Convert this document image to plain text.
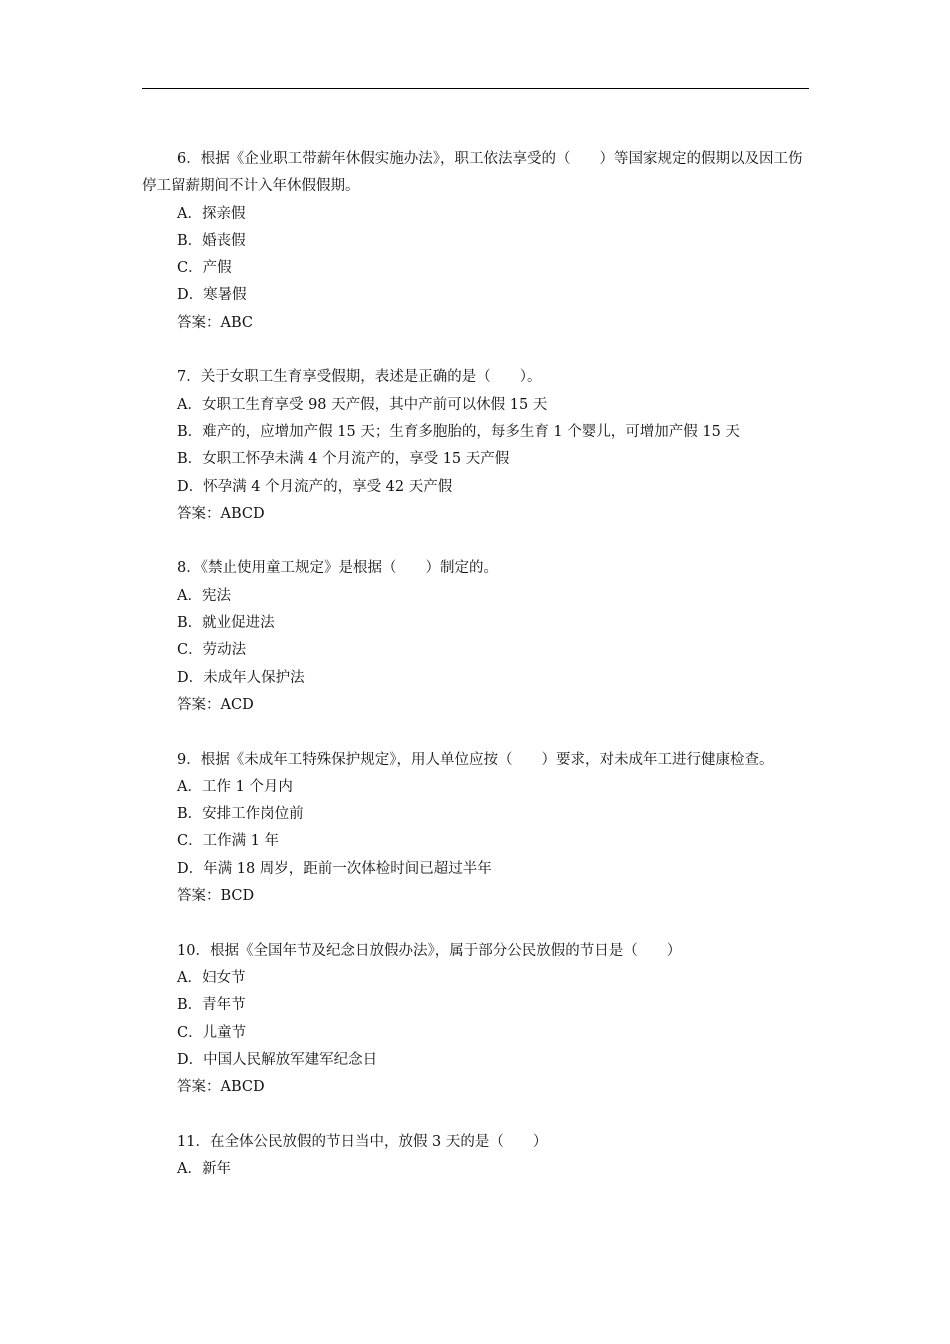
6．根据《企业职工带薪年休假实施办法》，职工依法享受的（　　）等国家规定的假期以及因工伤停工留薪期间不计入年休假假期。

A．探亲假

B．婚丧假

C．产假

D．寒暑假

答案：ABC

7．关于女职工生育享受假期，表述是正确的是（　　）。

A．女职工生育享受 98 天产假，其中产前可以休假 15 天

B．难产的，应增加产假 15 天；生育多胞胎的，每多生育 1 个婴儿，可增加产假 15 天

B．女职工怀孕未满 4 个月流产的，享受 15 天产假

D．怀孕满 4 个月流产的，享受 42 天产假

答案：ABCD

8．《禁止使用童工规定》是根据（　　）制定的。

A．宪法

B．就业促进法

C．劳动法

D．未成年人保护法

答案：ACD

9．根据《未成年工特殊保护规定》，用人单位应按（　　）要求，对未成年工进行健康检查。

A．工作 1 个月内

B．安排工作岗位前

C．工作满 1 年

D．年满 18 周岁，距前一次体检时间已超过半年

答案：BCD

10．根据《全国年节及纪念日放假办法》，属于部分公民放假的节日是（　　）

A．妇女节

B．青年节

C．儿童节

D．中国人民解放军建军纪念日

答案：ABCD

11．在全体公民放假的节日当中，放假 3 天的是（　　）

A．新年
